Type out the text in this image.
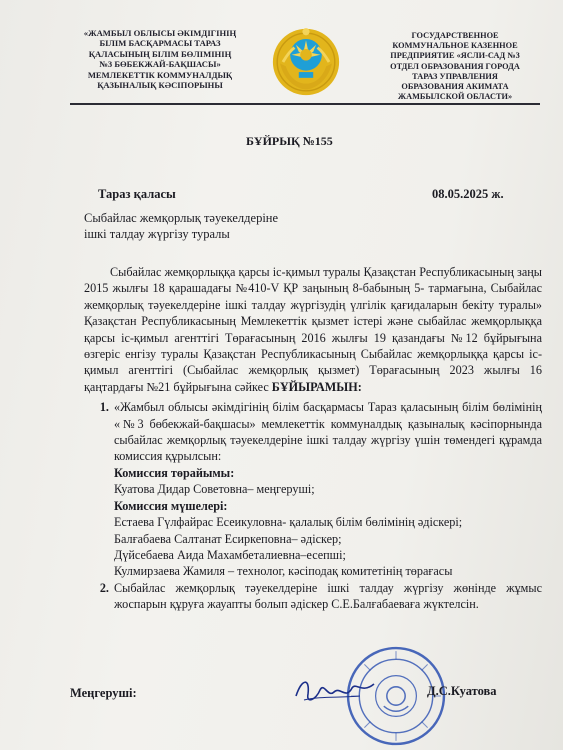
«ЖАМБЫЛ ОБЛЫСЫ ӘКІМДІГІНІҢ
БІЛІМ БАСҚАРМАСЫ ТАРАЗ
ҚАЛАСЫНЫҢ БІЛІМ БӨЛІМІНІҢ
№3 БӨБЕКЖАЙ-БАҚШАСЫ»
МЕМЛЕКЕТТІК КОММУНАЛДЫҚ
ҚАЗЫНАЛЫҚ КӘСІПОРЫНЫ
ГОСУДАРСТВЕННОЕ
КОММУНАЛЬНОЕ КАЗЕННОЕ
ПРЕДПРИЯТИЕ «ЯСЛИ-САД №3
ОТДЕЛ ОБРАЗОВАНИЯ ГОРОДА
ТАРАЗ УПРАВЛЕНИЯ
ОБРАЗОВАНИЯ АКИМАТА
ЖАМБЫЛСКОЙ ОБЛАСТИ»
БҰЙРЫҚ №155
Тараз қаласы	08.05.2025 ж.
Сыбайлас жемқорлық тәуекелдеріне
ішкі талдау жүргізу туралы

Сыбайлас жемқорлыққа қарсы іс-қимыл туралы Қазақстан Республикасының заңы 2015 жылғы 18 қарашадағы №410-V ҚР заңының 8-бабының 5- тармағына, Сыбайлас жемқорлық тәуекелдеріне ішкі талдау жүргізудің үлгілік қағидаларын бекіту туралы» Қазақстан Республикасының Мемлекеттік қызмет істері және сыбайлас жемқорлыққа қарсы іс-қимыл агенттігі Төрағасының 2016 жылғы 19 қазандағы №12 бұйрығына өзгеріс енгізу туралы Қазақстан Республикасының Сыбайлас жемқорлыққа қарсы іс-қимыл агенттігі (Сыбайлас жемқорлық қызмет) Төрағасының 2023 жылғы 16 қаңтардағы №21 бұйрығына сәйкес БҰЙЫРАМЫН:

1. «Жамбыл облысы әкімдігінің білім басқармасы Тараз қаласының білім бөлімінің «№3 бөбекжай-бақшасы» мемлекеттік коммуналдық қазыналық кәсіпорнында сыбайлас жемқорлық тәуекелдеріне ішкі талдау жүргізу үшін төмендегі құрамда комиссия құрылсын:
Комиссия төрайымы:
Куатова Дидар Советовна– меңгеруші;
Комиссия мүшелері:
Естаева Гүлфайрас Есеикуловна- қалалық білім бөлімінің әдіскері;
Балғабаева Салтанат Есиркеповна– әдіскер;
Дүйсебаева Аида Махамбеталиевна–есепші;
Кулмирзаева Жамиля – технолог, кәсіподақ комитетінің төрағасы
2. Сыбайлас жемқорлық тәуекелдеріне ішкі талдау жүргізу жөнінде жұмыс жоспарын құруға жауапты болып әдіскер С.Е.Балғабаеваға жүктелсін.
Меңгеруші:	Д.С.Куатова
